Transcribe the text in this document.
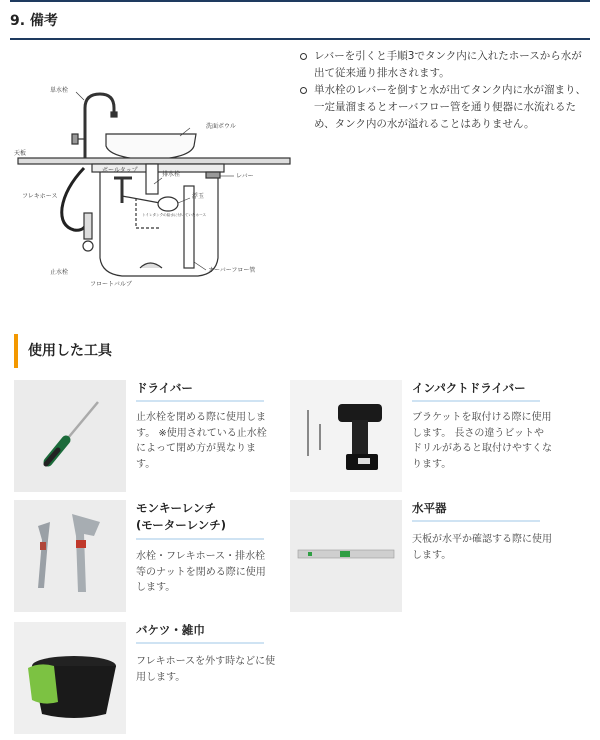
9. 備考
単水栓
洗面ボウル
天板
ボールタップ
排水栓	レバー
フレキホース	浮玉
トイレタンクの給水に付いていたホース
止水栓	オーバーフロー管
フロートバルブ
レバーを引くと手順3でタンク内に入れたホースから水が出て従来通り排水されます。
単水栓のレバーを倒すと水が出てタンク内に水が溜まり、一定量溜まるとオーバフロー管を通り便器に水流れるため、タンク内の水が溢れることはありません。
使用した工具
ドライバー
止水栓を閉める際に使用します。 ※使用されている止水栓によって閉め方が異なります。
インパクトドライバー
ブラケットを取付ける際に使用します。 長さの違うビットやドリルがあると取付けやすくなります。
モンキーレンチ
(モーターレンチ)
水栓・フレキホース・排水栓等のナットを閉める際に使用します。
水平器
天板が水平か確認する際に使用します。
バケツ・雑巾
フレキホースを外す時などに使用します。
